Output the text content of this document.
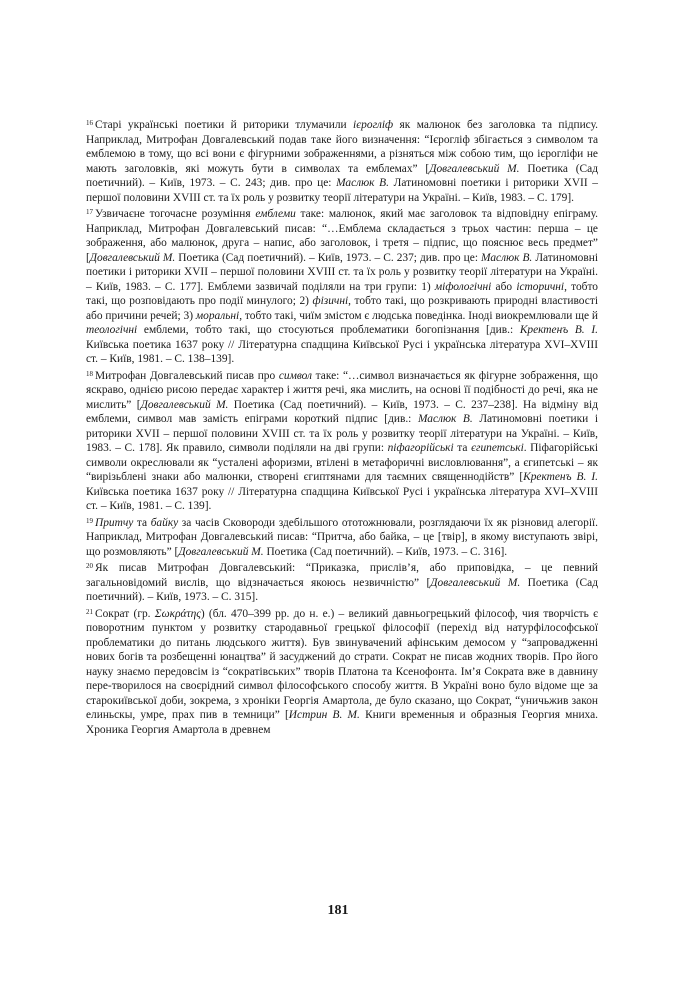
$^{16}$ Старі українські поетики й риторики тлумачили ієрогліф як малюнок без заголовка та підпису. Наприклад, Митрофан Довгалевський подав таке його визначення: “Ієрогліф збігається з символом та емблемою в тому, що всі вони є фігурними зображеннями, а різняться між собою тим, що ієрогліфи не мають заголовків, які можуть бути в символах та емблемах” [Довгалевський М. Поетика (Сад поетичний). – Київ, 1973. – С. 243; див. про це: Маслюк В. Латиномовні поетики і риторики XVII – першої половини XVIII ст. та їх роль у розвитку теорії літератури на Україні. – Київ, 1983. – С. 179].

$^{17}$ Узвичаєне тогочасне розуміння емблеми таке: малюнок, який має заголовок та відповідну епіграму. Наприклад, Митрофан Довгалевський писав: “…Емблема складається з трьох частин: перша – це зображення, або малюнок, друга – напис, або заголовок, і третя – підпис, що пояснює весь предмет” [Довгалевський М. Поетика (Сад поетичний). – Київ, 1973. – С. 237; див. про це: Маслюк В. Латиномовні поетики і риторики XVII – першої половини XVIII ст. та їх роль у розвитку теорії літератури на Україні. – Київ, 1983. – С. 177]. Емблеми зазвичай поділяли на три групи: 1) міфологічні або історичні, тобто такі, що розповідають про події минулого; 2) фізичні, тобто такі, що розкривають природні властивості або причини речей; 3) моральні, тобто такі, чиїм змістом є людська поведінка. Іноді виокремлювали ще й теологічні емблеми, тобто такі, що стосуються проблематики богопізнання [див.: Кректенъ В. І. Київська поетика 1637 року // Літературна спадщина Київської Русі і українська література XVI–XVIII ст. – Київ, 1981. – С. 138–139].

$^{18}$ Митрофан Довгалевський писав про символ таке: “…символ визначається як фігурне зображення, що яскраво, однією рисою передає характер і життя речі, яка мислить, на основі її подібності до речі, яка не мислить” [Довгалевський М. Поетика (Сад поетичний). – Київ, 1973. – С. 237–238]. На відміну від емблеми, символ мав замість епіграми короткий підпис [див.: Маслюк В. Латиномовні поетики і риторики XVII – першої половини XVIII ст. та їх роль у розвитку теорії літератури на Україні. – Київ, 1983. – С. 178]. Як правило, символи поділяли на дві групи: піфагорійські та єгипетські. Піфагорійські символи окреслювали як “усталені афоризми, втілені в метафоричні висловлювання”, а єгипетські – як “вирізьблені знаки або малюнки, створені єгиптянами для таємних священнодійств” [Кректенъ В. І. Київська поетика 1637 року // Літературна спадщина Київської Русі і українська література XVI–XVIII ст. – Київ, 1981. – С. 139].

$^{19}$ Притчу та байку за часів Сковороди здебільшого ототожнювали, розглядаючи їх як різновид алегорії. Наприклад, Митрофан Довгалевський писав: “Притча, або байка, – це [твір], в якому виступають звірі, що розмовляють” [Довгалевський М. Поетика (Сад поетичний). – Київ, 1973. – С. 316].

$^{20}$ Як писав Митрофан Довгалевський: “Приказка, прислів’я, або приповідка, – це певний загальновідомий вислів, що відзначається якоюсь незвичністю” [Довгалевський М. Поетика (Сад поетичний). – Київ, 1973. – С. 315].

$^{21}$ Сократ (гр. Σωκράτης) (бл. 470–399 рр. до н. е.) – великий давньогрецький філософ, чия творчість є поворотним пунктом у розвитку стародавньої грецької філософії (перехід від натурфілософської проблематики до питань людського життя). Був звинувачений афінським демосом у “запровадженні нових богів та розбещенні юнацтва” й засуджений до страти. Сократ не писав жодних творів. Про його науку знаємо передовсім із “сократівських” творів Платона та Ксенофонта. Ім’я Сократа вже в давнину пере-творилося на своєрідний символ філософського способу життя. В Україні воно було відоме ще за старокиївської доби, зокрема, з хроніки Георгія Амартола, де було сказано, що Сократ, “уничьжив закон елиньскы, умре, прах пив в темници” [Истрин В. М. Книги временныя и образныя Георгия мниха. Хроника Георгия Амартола в древнем

181
